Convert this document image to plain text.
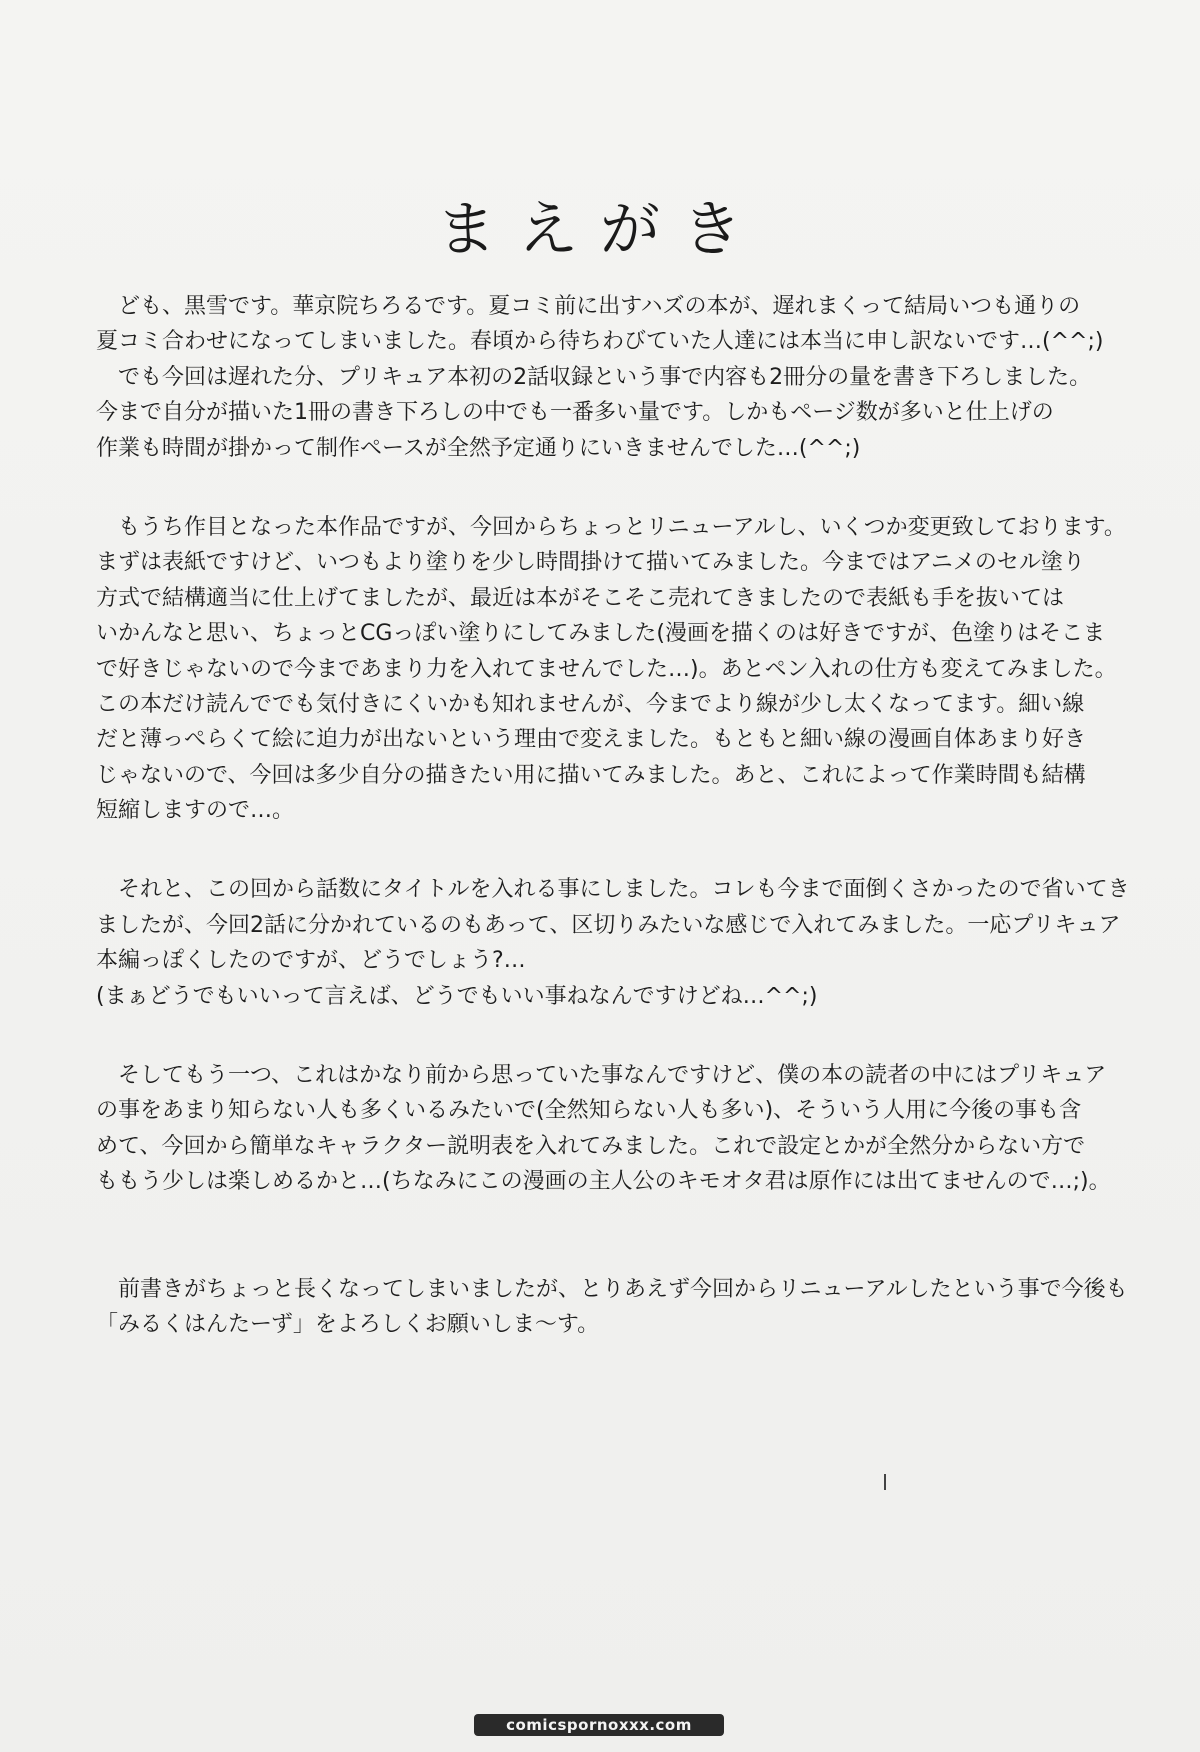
まえがき
ども、黒雪です。華京院ちろるです。夏コミ前に出すハズの本が、遅れまくって結局いつも通りの
夏コミ合わせになってしまいました。春頃から待ちわびていた人達には本当に申し訳ないです…(^^;)
でも今回は遅れた分、プリキュア本初の2話収録という事で内容も2冊分の量を書き下ろしました。
今まで自分が描いた1冊の書き下ろしの中でも一番多い量です。しかもページ数が多いと仕上げの
作業も時間が掛かって制作ペースが全然予定通りにいきませんでした…(^^;)
もうち作目となった本作品ですが、今回からちょっとリニューアルし、いくつか変更致しております。
まずは表紙ですけど、いつもより塗りを少し時間掛けて描いてみました。今まではアニメのセル塗り
方式で結構適当に仕上げてましたが、最近は本がそこそこ売れてきましたので表紙も手を抜いては
いかんなと思い、ちょっとCGっぽい塗りにしてみました(漫画を描くのは好きですが、色塗りはそこま
で好きじゃないので今まであまり力を入れてませんでした…)。あとペン入れの仕方も変えてみました。
この本だけ読んででも気付きにくいかも知れませんが、今までより線が少し太くなってます。細い線
だと薄っぺらくて絵に迫力が出ないという理由で変えました。もともと細い線の漫画自体あまり好き
じゃないので、今回は多少自分の描きたい用に描いてみました。あと、これによって作業時間も結構
短縮しますので…。
それと、この回から話数にタイトルを入れる事にしました。コレも今まで面倒くさかったので省いてき
ましたが、今回2話に分かれているのもあって、区切りみたいな感じで入れてみました。一応プリキュア
本編っぽくしたのですが、どうでしょう?…
(まぁどうでもいいって言えば、どうでもいい事ねなんですけどね…^^;)
そしてもう一つ、これはかなり前から思っていた事なんですけど、僕の本の読者の中にはプリキュア
の事をあまり知らない人も多くいるみたいで(全然知らない人も多い)、そういう人用に今後の事も含
めて、今回から簡単なキャラクター説明表を入れてみました。これで設定とかが全然分からない方で
ももう少しは楽しめるかと…(ちなみにこの漫画の主人公のキモオタ君は原作には出てませんので…;)。
前書きがちょっと長くなってしまいましたが、とりあえず今回からリニューアルしたという事で今後も
「みるくはんたーず」をよろしくお願いしま〜す。
comicspornoxxx.com
